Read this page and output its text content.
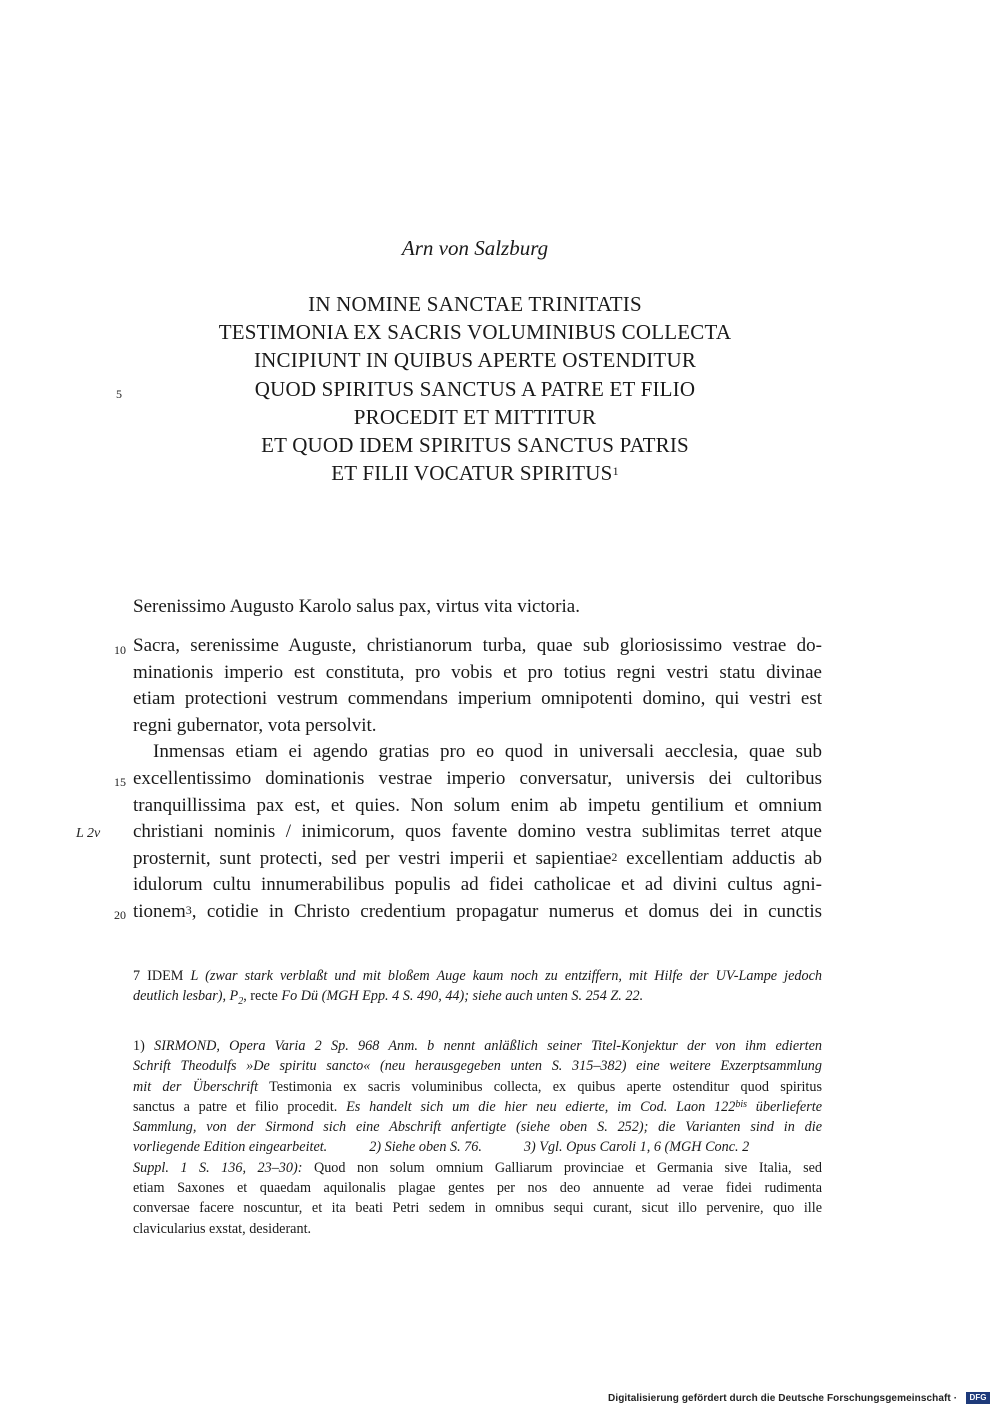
Arn von Salzburg
IN NOMINE SANCTAE TRINITATIS
TESTIMONIA EX SACRIS VOLUMINIBUS COLLECTA
INCIPIUNT IN QUIBUS APERTE OSTENDITUR
QUOD SPIRITUS SANCTUS A PATRE ET FILIO
PROCEDIT ET MITTITUR
ET QUOD IDEM SPIRITUS SANCTUS PATRIS
ET FILII VOCATUR SPIRITUS$^1$
5
10
15
20
L 2v
Serenissimo Augusto Karolo salus pax, virtus vita victoria.
Sacra, serenissime Auguste, christianorum turba, quae sub gloriosissimo vestrae do-
minationis imperio est constituta, pro vobis et pro totius regni vestri statu divinae
etiam protectioni vestrum commendans imperium omnipotenti domino, qui vestri est
regni gubernator, vota persolvit.
Inmensas etiam ei agendo gratias pro eo quod in universali aecclesia, quae sub
excellentissimo dominationis vestrae imperio conversatur, universis dei cultoribus
tranquillissima pax est, et quies. Non solum enim ab impetu gentilium et omnium
christiani nominis / inimicorum, quos favente domino vestra sublimitas terret atque
prosternit, sunt protecti, sed per vestri imperii et sapientiae$^2$ excellentiam adductis ab
idulorum cultu innumerabilibus populis ad fidei catholicae et ad divini cultus agni-
tionem$^3$, cotidie in Christo credentium propagatur numerus et domus dei in cunctis
7 IDEM L (zwar stark verblaßt und mit bloßem Auge kaum noch zu entziffern, mit Hilfe der UV-Lampe jedoch
deutlich lesbar), $P_2$, recte Fo Dü (MGH Epp. 4 S. 490, 44); siehe auch unten S. 254 Z. 22.
1) SIRMOND, Opera Varia 2 Sp. 968 Anm. b nennt anläßlich seiner Titel-Konjektur der von ihm edierten
Schrift Theodulfs »De spiritu sancto« (neu herausgegeben unten S. 315–382) eine weitere Exzerptsammlung
mit der Überschrift Testimonia ex sacris voluminibus collecta, ex quibus aperte ostenditur quod spiritus
sanctus a patre et filio procedit. Es handelt sich um die hier neu edierte, im Cod. Laon $122^{bis}$ überlieferte
Sammlung, von der Sirmond sich eine Abschrift anfertigte (siehe oben S. 252); die Varianten sind in die
vorliegende Edition eingearbeitet.	2) Siehe oben S. 76.	3) Vgl. Opus Caroli 1, 6 (MGH Conc. 2
Suppl. 1 S. 136, 23–30): Quod non solum omnium Galliarum provinciae et Germania sive Italia, sed
etiam Saxones et quaedam aquilonalis plagae gentes per nos deo annuente ad verae fidei rudimenta
conversae facere noscuntur, et ita beati Petri sedem in omnibus sequi curant, sicut illo pervenire, quo ille
clavicularius exstat, desiderant.
Digitalisierung gefördert durch die Deutsche Forschungsgemeinschaft ·	DFG
